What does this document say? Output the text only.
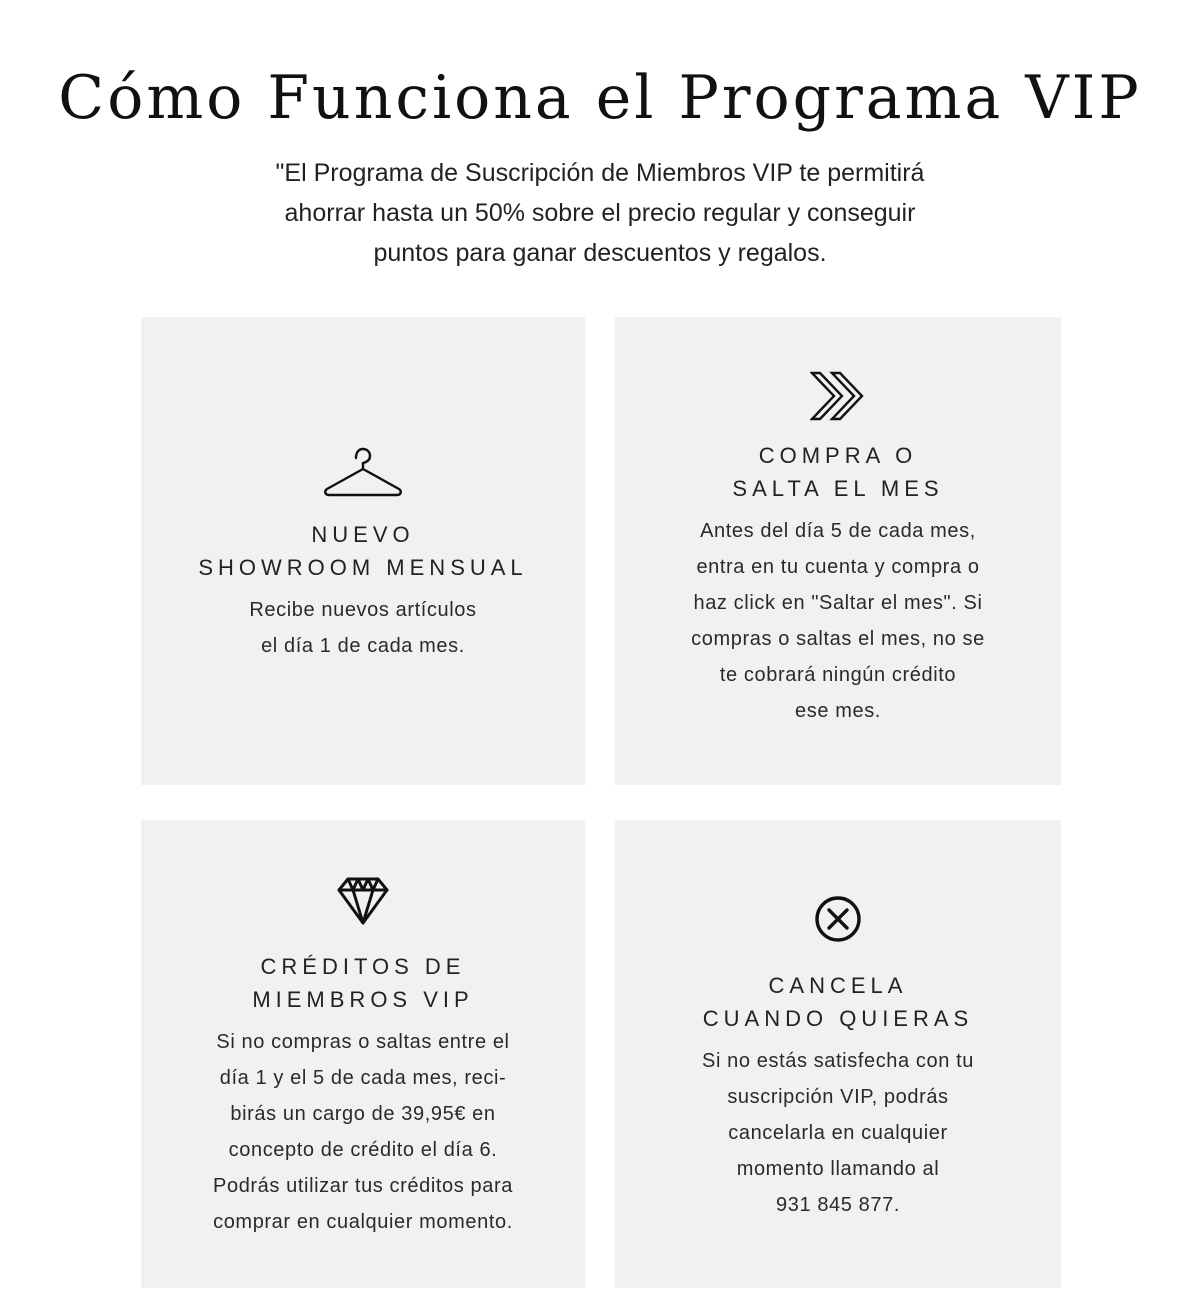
Cómo Funciona el Programa VIP

"El Programa de Suscripción de Miembros VIP te permitirá
ahorrar hasta un 50% sobre el precio regular y conseguir
puntos para ganar descuentos y regalos.

NUEVO
SHOWROOM MENSUAL

Recibe nuevos artículos
el día 1 de cada mes.

COMPRA O
SALTA EL MES

Antes del día 5 de cada mes,
entra en tu cuenta y compra o
haz click en "Saltar el mes". Si
compras o saltas el mes, no se
te cobrará ningún crédito
ese mes.

CRÉDITOS DE
MIEMBROS VIP

Si no compras o saltas entre el
día 1 y el 5 de cada mes, reci-
birás un cargo de 39,95€ en
concepto de crédito el día 6.
Podrás utilizar tus créditos para
comprar en cualquier momento.

CANCELA
CUANDO QUIERAS

Si no estás satisfecha con tu
suscripción VIP, podrás
cancelarla en cualquier
momento llamando al
931 845 877.
